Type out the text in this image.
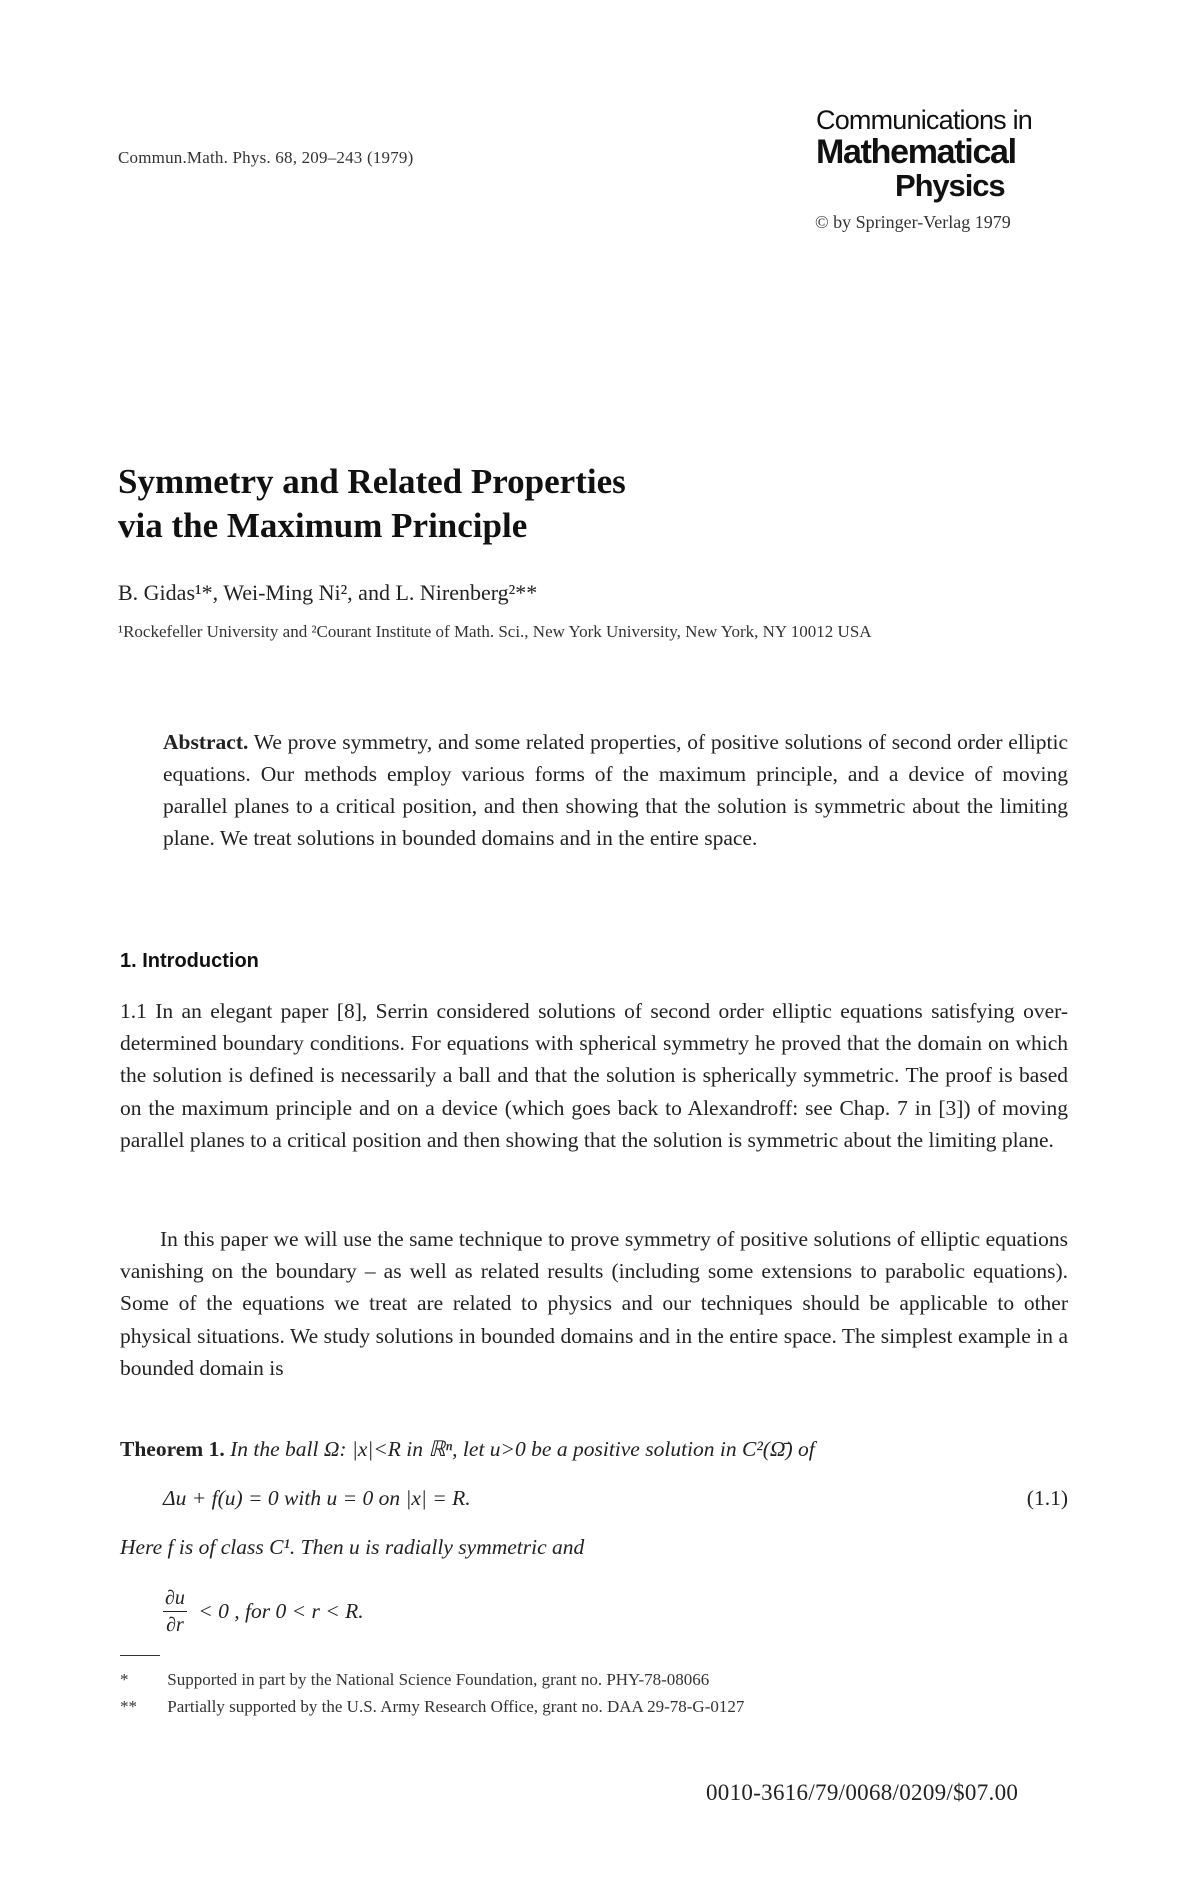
Commun.Math. Phys. 68, 209–243 (1979)
Communications in
Mathematical
Physics
© by Springer-Verlag 1979
Symmetry and Related Properties
via the Maximum Principle
B. Gidas¹*, Wei-Ming Ni², and L. Nirenberg²**
¹Rockefeller University and ²Courant Institute of Math. Sci., New York University, New York, NY 10012 USA
Abstract. We prove symmetry, and some related properties, of positive solutions of second order elliptic equations. Our methods employ various forms of the maximum principle, and a device of moving parallel planes to a critical position, and then showing that the solution is symmetric about the limiting plane. We treat solutions in bounded domains and in the entire space.
1. Introduction

1.1 In an elegant paper [8], Serrin considered solutions of second order elliptic equations satisfying over-determined boundary conditions. For equations with spherical symmetry he proved that the domain on which the solution is defined is necessarily a ball and that the solution is spherically symmetric. The proof is based on the maximum principle and on a device (which goes back to Alexandroff: see Chap. 7 in [3]) of moving parallel planes to a critical position and then showing that the solution is symmetric about the limiting plane.

In this paper we will use the same technique to prove symmetry of positive solutions of elliptic equations vanishing on the boundary – as well as related results (including some extensions to parabolic equations). Some of the equations we treat are related to physics and our techniques should be applicable to other physical situations. We study solutions in bounded domains and in the entire space. The simplest example in a bounded domain is

Theorem 1. In the ball Ω: |x|<R in ℝⁿ, let u>0 be a positive solution in C²(Ω̄) of
Δu + f(u) = 0 with u = 0 on |x| = R.	(1.1)
Here f is of class C¹. Then u is radially symmetric and
$\frac{\partial u}{\partial r} < 0$ , for 0 < r < R.
* Supported in part by the National Science Foundation, grant no. PHY-78-08066
** Partially supported by the U.S. Army Research Office, grant no. DAA 29-78-G-0127
0010-3616/79/0068/0209/$07.00
